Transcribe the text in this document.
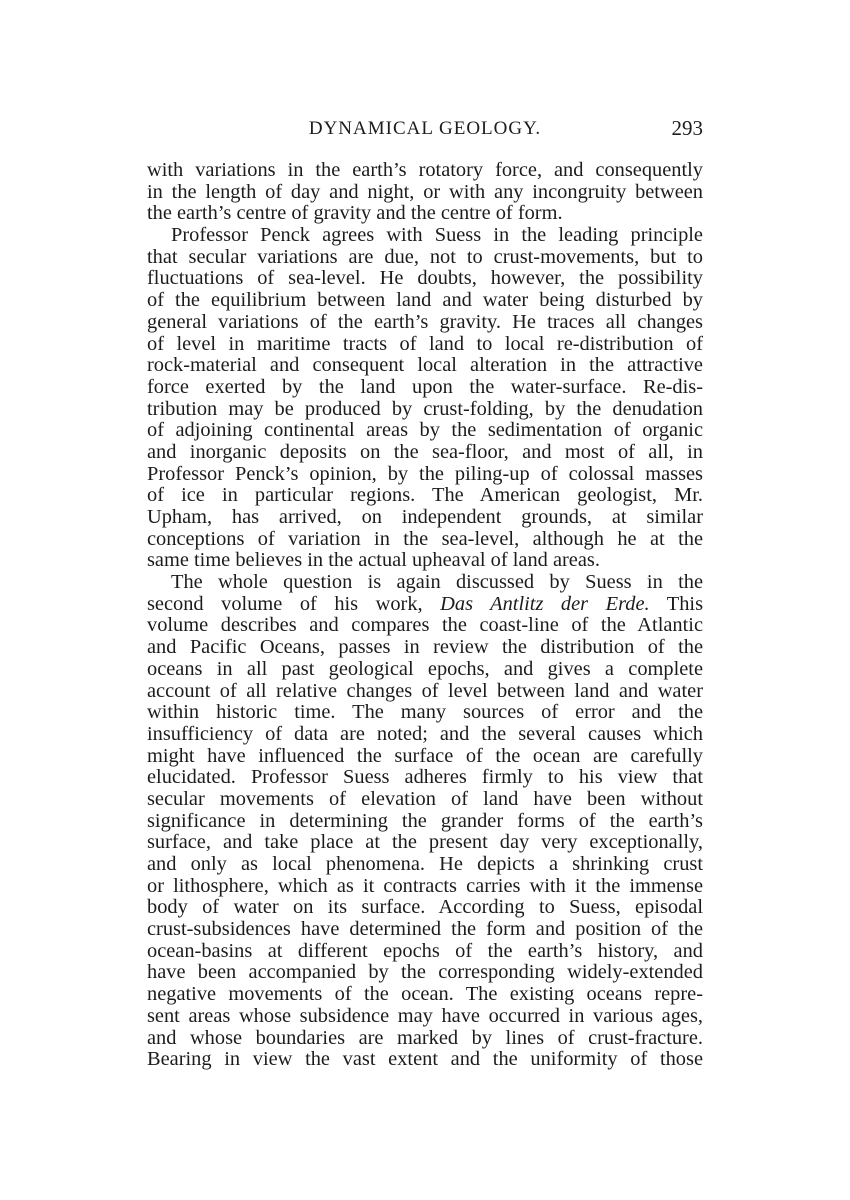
DYNAMICAL GEOLOGY.	293
with variations in the earth’s rotatory force, and consequently
in the length of day and night, or with any incongruity between
the earth’s centre of gravity and the centre of form.
Professor Penck agrees with Suess in the leading principle
that secular variations are due, not to crust-movements, but to
fluctuations of sea-level. He doubts, however, the possibility
of the equilibrium between land and water being disturbed by
general variations of the earth’s gravity. He traces all changes
of level in maritime tracts of land to local re-distribution of
rock-material and consequent local alteration in the attractive
force exerted by the land upon the water-surface. Re-dis-
tribution may be produced by crust-folding, by the denudation
of adjoining continental areas by the sedimentation of organic
and inorganic deposits on the sea-floor, and most of all, in
Professor Penck’s opinion, by the piling-up of colossal masses
of ice in particular regions. The American geologist, Mr.
Upham, has arrived, on independent grounds, at similar
conceptions of variation in the sea-level, although he at the
same time believes in the actual upheaval of land areas.
The whole question is again discussed by Suess in the
second volume of his work, Das Antlitz der Erde. This
volume describes and compares the coast-line of the Atlantic
and Pacific Oceans, passes in review the distribution of the
oceans in all past geological epochs, and gives a complete
account of all relative changes of level between land and water
within historic time. The many sources of error and the
insufficiency of data are noted; and the several causes which
might have influenced the surface of the ocean are carefully
elucidated. Professor Suess adheres firmly to his view that
secular movements of elevation of land have been without
significance in determining the grander forms of the earth’s
surface, and take place at the present day very exceptionally,
and only as local phenomena. He depicts a shrinking crust
or lithosphere, which as it contracts carries with it the immense
body of water on its surface. According to Suess, episodal
crust-subsidences have determined the form and position of the
ocean-basins at different epochs of the earth’s history, and
have been accompanied by the corresponding widely-extended
negative movements of the ocean. The existing oceans repre-
sent areas whose subsidence may have occurred in various ages,
and whose boundaries are marked by lines of crust-fracture.
Bearing in view the vast extent and the uniformity of those
